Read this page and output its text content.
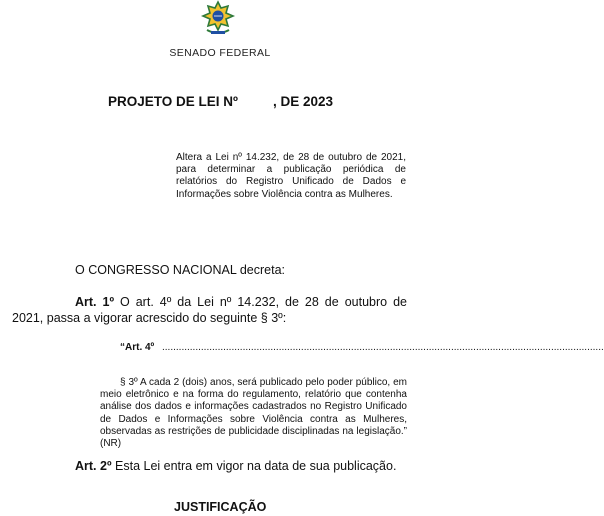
SENADO FEDERAL
PROJETO DE LEI Nº	, DE 2023
Altera a Lei nº 14.232, de 28 de outubro de 2021, para determinar a publicação periódica de relatórios do Registro Unificado de Dados e Informações sobre Violência contra as Mulheres.
O CONGRESSO NACIONAL decreta:
Art. 1º O art. 4º da Lei nº 14.232, de 28 de outubro de 2021, passa a vigorar acrescido do seguinte § 3º:
“Art. 4º ...............................................................................................................................................................
§ 3º A cada 2 (dois) anos, será publicado pelo poder público, em meio eletrônico e na forma do regulamento, relatório que contenha análise dos dados e informações cadastrados no Registro Unificado de Dados e Informações sobre Violência contra as Mulheres, observadas as restrições de publicidade disciplinadas na legislação.” (NR)
Art. 2º Esta Lei entra em vigor na data de sua publicação.
JUSTIFICAÇÃO
